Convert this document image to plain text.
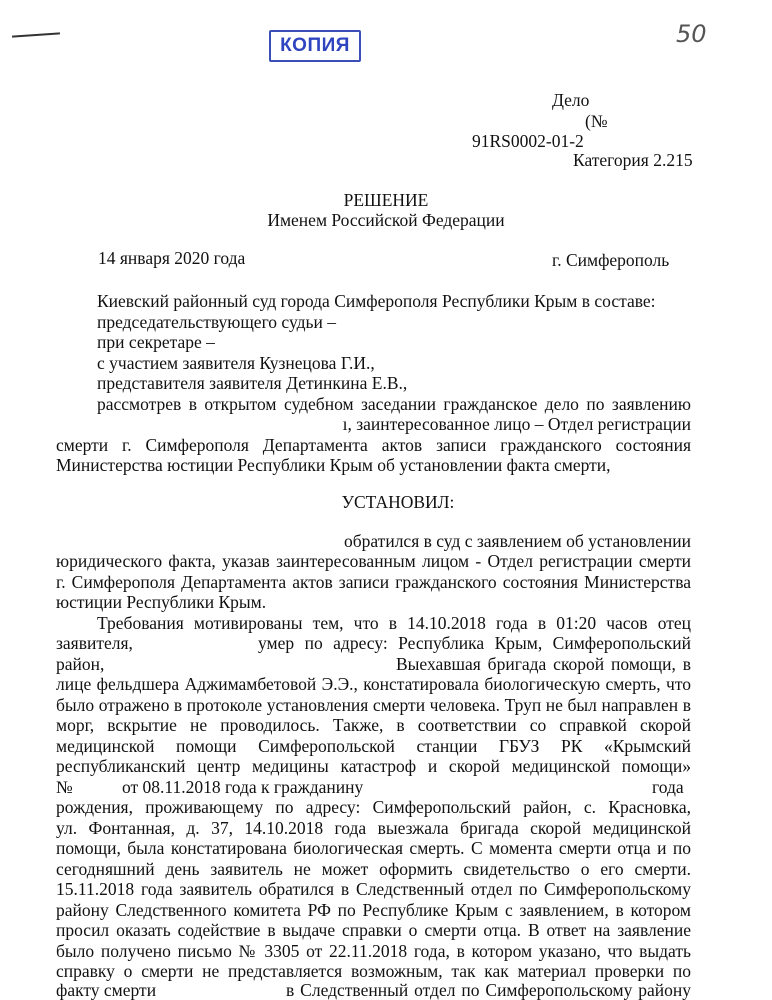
КОПИЯ	50
Дело
(№
91RS0002-01-2
Категория 2.215
РЕШЕНИЕ
Именем Российской Федерации
14 января 2020 года	г. Симферополь
Киевский районный суд города Симферополя Республики Крым в составе:
председательствующего судьи –
при секретаре –
с участием заявителя Кузнецова Г.И.,
представителя заявителя Детинкина Е.В.,
рассмотрев в открытом судебном заседании гражданское дело по заявлению
ı, заинтересованное лицо – Отдел регистрации
смерти г. Симферополя Департамента актов записи гражданского состояния
Министерства юстиции Республики Крым об установлении факта смерти,
УСТАНОВИЛ:
обратился в суд с заявлением об установлении
юридического факта, указав заинтересованным лицом - Отдел регистрации смерти
г. Симферополя Департамента актов записи гражданского состояния Министерства
юстиции Республики Крым.
Требования мотивированы тем, что в 14.10.2018 года в 01:20 часов отец
заявителя,	умер по адресу: Республика Крым, Симферопольский
район,	Выехавшая бригада скорой помощи, в
лице фельдшера Аджимамбетовой Э.Э., констатировала биологическую смерть, что
было отражено в протоколе установления смерти человека. Труп не был направлен в
морг, вскрытие не проводилось. Также, в соответствии со справкой скорой
медицинской помощи Симферопольской станции ГБУЗ РК «Крымский
республиканский центр медицины катастроф и скорой медицинской помощи»
№	от 08.11.2018 года к гражданину	года
рождения, проживающему по адресу: Симферопольский район, с. Красновка,
ул. Фонтанная, д. 37, 14.10.2018 года выезжала бригада скорой медицинской
помощи, была констатирована биологическая смерть. С момента смерти отца и по
сегодняшний день заявитель не может оформить свидетельство о его смерти.
15.11.2018 года заявитель обратился в Следственный отдел по Симферопольскому
району Следственного комитета РФ по Республике Крым с заявлением, в котором
просил оказать содействие в выдаче справки о смерти отца. В ответ на заявление
было получено письмо № 3305 от 22.11.2018 года, в котором указано, что выдать
справку о смерти не представляется возможным, так как материал проверки по
факту смерти	в Следственный отдел по Симферопольскому району
